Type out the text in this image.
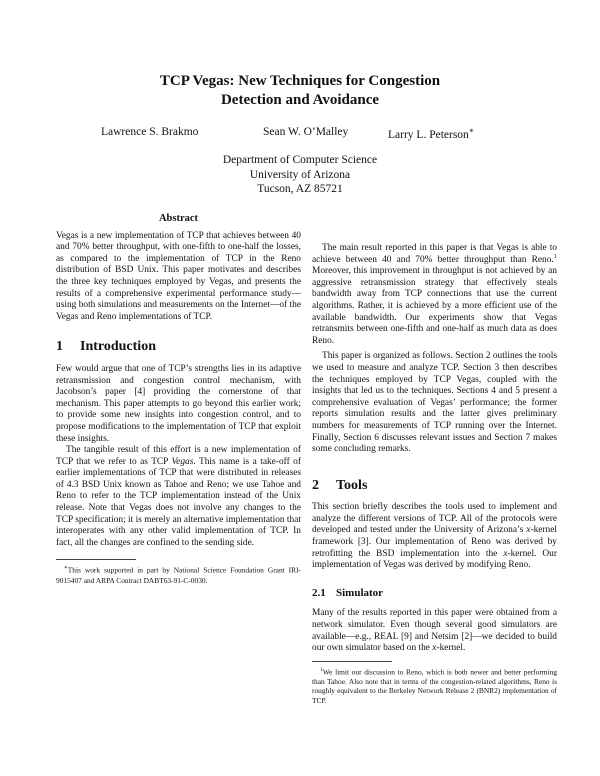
TCP Vegas: New Techniques for Congestion
Detection and Avoidance
Lawrence S. Brakmo	Sean W. O’Malley	Larry L. Peterson∗
Department of Computer Science
University of Arizona
Tucson, AZ 85721
Abstract

Vegas is a new implementation of TCP that achieves between 40 and 70% better throughput, with one-fifth to one-half the losses, as compared to the implementation of TCP in the Reno distribution of BSD Unix. This paper motivates and describes the three key techniques employed by Vegas, and presents the results of a comprehensive experimental performance study—using both simulations and measurements on the Internet—of the Vegas and Reno implementations of TCP.

1 Introduction

Few would argue that one of TCP’s strengths lies in its adaptive retransmission and congestion control mechanism, with Jacobson’s paper [4] providing the cornerstone of that mechanism. This paper attempts to go beyond this earlier work; to provide some new insights into congestion control, and to propose modifications to the implementation of TCP that exploit these insights.

The tangible result of this effort is a new implementation of TCP that we refer to as TCP Vegas. This name is a take-off of earlier implementations of TCP that were distributed in releases of 4.3 BSD Unix known as Tahoe and Reno; we use Tahoe and Reno to refer to the TCP implementation instead of the Unix release. Note that Vegas does not involve any changes to the TCP specification; it is merely an alternative implementation that interoperates with any other valid implementation of TCP. In fact, all the changes are confined to the sending side.

∗This work supported in part by National Science Foundation Grant IRI-9015407 and ARPA Contract DABT63-91-C-0030.

The main result reported in this paper is that Vegas is able to achieve between 40 and 70% better throughput than Reno.$^1$ Moreover, this improvement in throughput is not achieved by an aggressive retransmission strategy that effectively steals bandwidth away from TCP connections that use the current algorithms. Rather, it is achieved by a more efficient use of the available bandwidth. Our experiments show that Vegas retransmits between one-fifth and one-half as much data as does Reno.

This paper is organized as follows. Section 2 outlines the tools we used to measure and analyze TCP. Section 3 then describes the techniques employed by TCP Vegas, coupled with the insights that led us to the techniques. Sections 4 and 5 present a comprehensive evaluation of Vegas’ performance; the former reports simulation results and the latter gives preliminary numbers for measurements of TCP running over the Internet. Finally, Section 6 discusses relevant issues and Section 7 makes some concluding remarks.

2 Tools

This section briefly describes the tools used to implement and analyze the different versions of TCP. All of the protocols were developed and tested under the University of Arizona’s x-kernel framework [3]. Our implementation of Reno was derived by retrofitting the BSD implementation into the x-kernel. Our implementation of Vegas was derived by modifying Reno.

2.1 Simulator

Many of the results reported in this paper were obtained from a network simulator. Even though several good simulators are available—e.g., REAL [9] and Netsim [2]—we decided to build our own simulator based on the x-kernel.

$^1$We limit our discussion to Reno, which is both newer and better performing than Tahoe. Also note that in terms of the congestion-related algorithms, Reno is roughly equivalent to the Berkeley Network Release 2 (BNR2) implementation of TCP.
